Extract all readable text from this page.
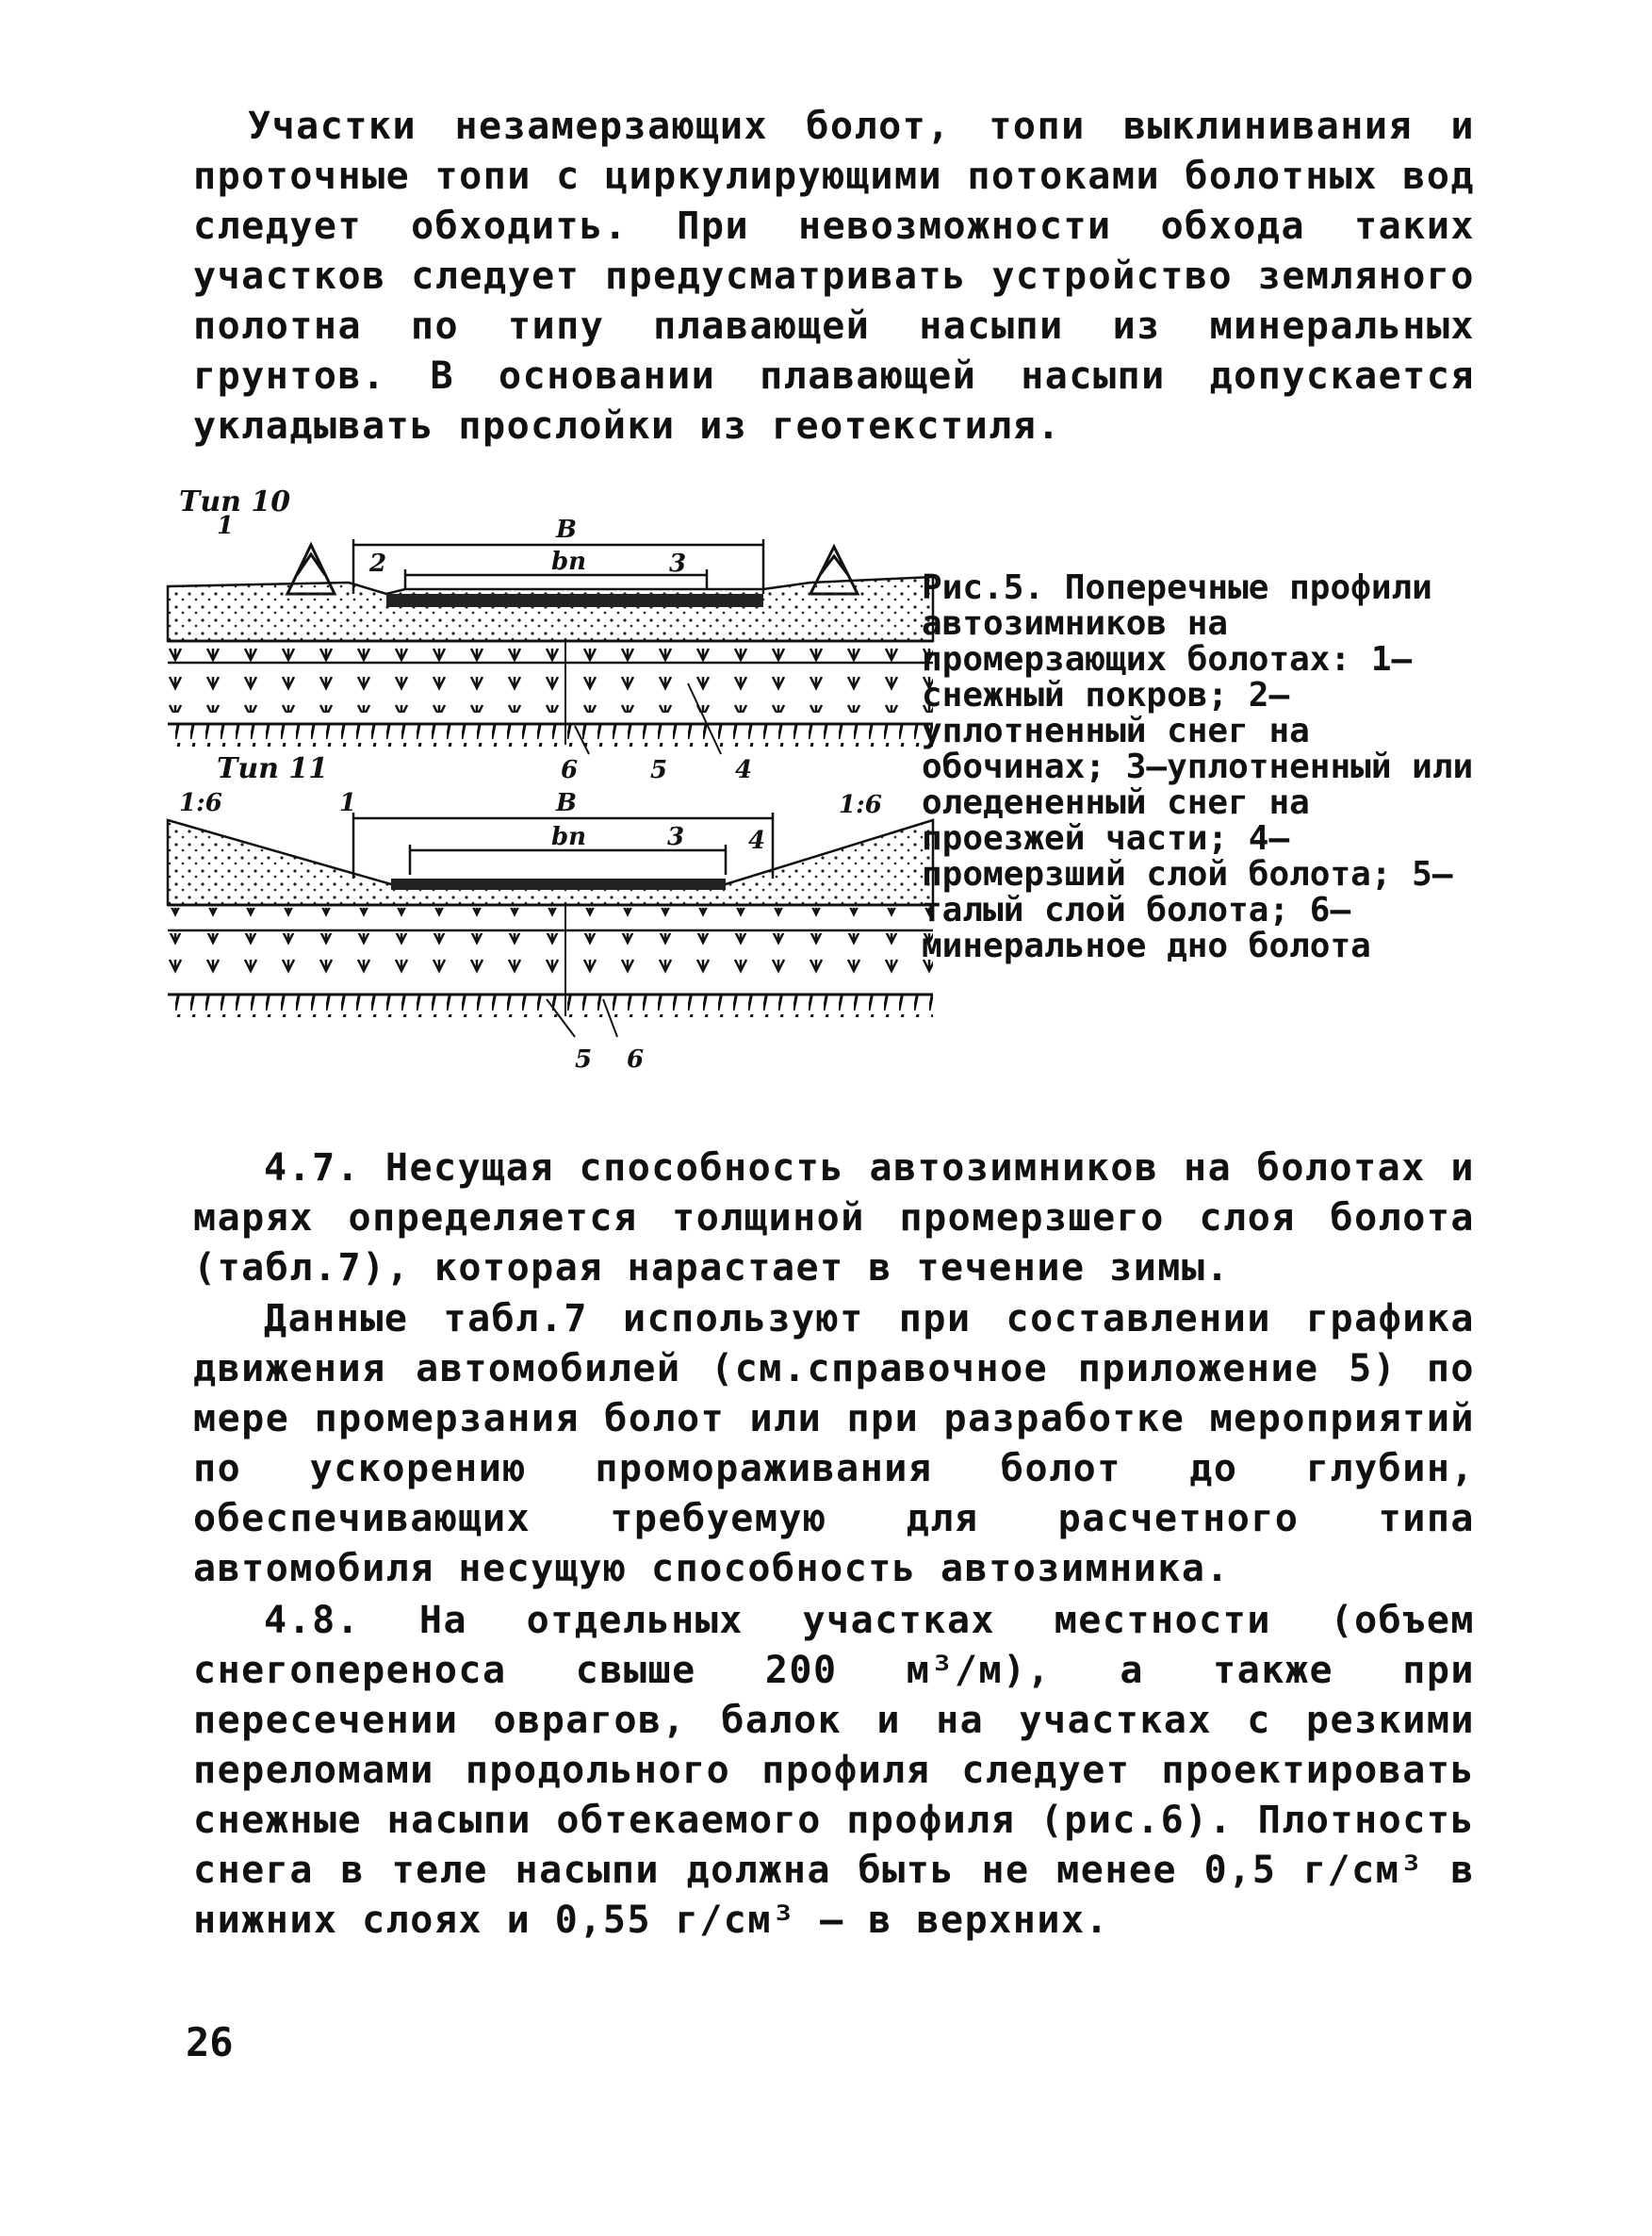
Участки незамерзающих болот, топи выклинивания и проточные топи с циркулирующими потоками болотных вод следует обходить. При невозможности обхода таких участков следует предусматривать устройство земляного полотна по типу плавающей насыпи из минеральных грунтов. В основании плавающей насыпи допускается укладывать прослойки из геотекстиля.

Тип 10
В
bп
1
2	3
6	5	4
Тип 11
1:6	1:6
1	В
bп	3	4
5 6

Рис.5. Поперечные профили автозимников на промерзающих болотах: 1–снежный покров; 2–уплотненный снег на обочинах; 3–уплотненный или оледененный снег на проезжей части; 4–промерзший слой болота; 5–талый слой болота; 6–минеральное дно болота

4.7. Несущая способность автозимников на болотах и марях определяется толщиной промерзшего слоя болота (табл.7), которая нарастает в течение зимы.

Данные табл.7 используют при составлении графика движения автомобилей (см.справочное приложение 5) по мере промерзания болот или при разработке мероприятий по ускорению промораживания болот до глубин, обеспечивающих требуемую для расчетного типа автомобиля несущую способность автозимника.

4.8. На отдельных участках местности (объем снегопереноса свыше 200 м³/м), а также при пересечении оврагов, балок и на участках с резкими переломами продольного профиля следует проектировать снежные насыпи обтекаемого профиля (рис.6). Плотность снега в теле насыпи должна быть не менее 0,5 г/см³ в нижних слоях и 0,55 г/см³ – в верхних.

26
